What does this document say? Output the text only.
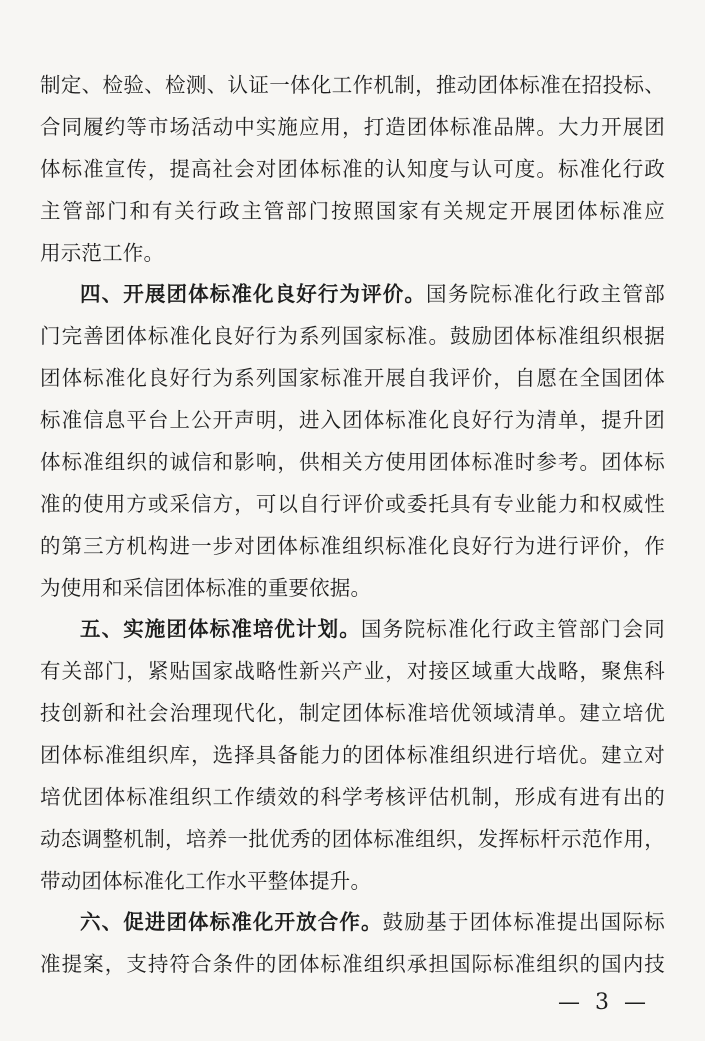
制定、检验、检测、认证一体化工作机制，推动团体标准在招投标、
合同履约等市场活动中实施应用，打造团体标准品牌。大力开展团
体标准宣传，提高社会对团体标准的认知度与认可度。标准化行政
主管部门和有关行政主管部门按照国家有关规定开展团体标准应
用示范工作。
四、开展团体标准化良好行为评价。国务院标准化行政主管部
门完善团体标准化良好行为系列国家标准。鼓励团体标准组织根据
团体标准化良好行为系列国家标准开展自我评价，自愿在全国团体
标准信息平台上公开声明，进入团体标准化良好行为清单，提升团
体标准组织的诚信和影响，供相关方使用团体标准时参考。团体标
准的使用方或采信方，可以自行评价或委托具有专业能力和权威性
的第三方机构进一步对团体标准组织标准化良好行为进行评价，作
为使用和采信团体标准的重要依据。
五、实施团体标准培优计划。国务院标准化行政主管部门会同
有关部门，紧贴国家战略性新兴产业，对接区域重大战略，聚焦科
技创新和社会治理现代化，制定团体标准培优领域清单。建立培优
团体标准组织库，选择具备能力的团体标准组织进行培优。建立对
培优团体标准组织工作绩效的科学考核评估机制，形成有进有出的
动态调整机制，培养一批优秀的团体标准组织，发挥标杆示范作用，
带动团体标准化工作水平整体提升。
六、促进团体标准化开放合作。鼓励基于团体标准提出国际标
准提案，支持符合条件的团体标准组织承担国际标准组织的国内技
— 3 —
